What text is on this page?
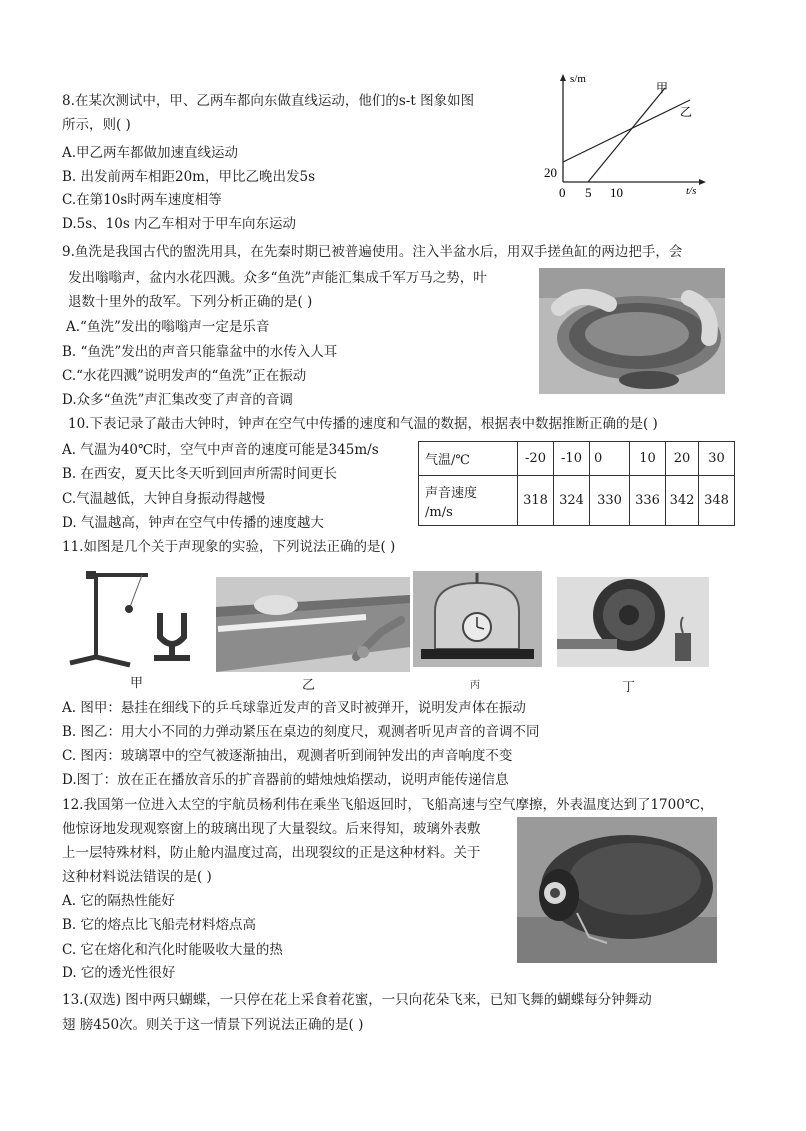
8.在某次测试中，甲、乙两车都向东做直线运动，他们的s-t 图象如图
所示，则( )
A.甲乙两车都做加速直线运动
B. 出发前两车相距20m，甲比乙晚出发5s
C.在第10s时两车速度相等
D.5s、10s 内乙车相对于甲车向东运动
s/m
t/s
甲
乙
20
0 5 10
9.鱼洗是我国古代的盥洗用具，在先秦时期已被普遍使用。注入半盆水后，用双手搓鱼缸的两边把手，会
发出嗡嗡声，盆内水花四溅。众多“鱼洗”声能汇集成千军万马之势，叶
退数十里外的敌军。下列分析正确的是( )
A.“鱼洗”发出的嗡嗡声一定是乐音
B. “鱼洗”发出的声音只能靠盆中的水传入人耳
C.“水花四溅”说明发声的“鱼洗”正在振动
D.众多“鱼洗”声汇集改变了声音的音调
10.下表记录了敲击大钟时，钟声在空气中传播的速度和气温的数据，根据表中数据推断正确的是( )
A. 气温为40℃时，空气中声音的速度可能是345m/s
B. 在西安，夏天比冬天听到回声所需时间更长
C.气温越低，大钟自身振动得越慢
D. 气温越高，钟声在空气中传播的速度越大
气温/℃	-20	-10	0	10	20	30

声音速度
/m/s	318	324	330	336	342	348
11.如图是几个关于声现象的实验，下列说法正确的是( )
甲	乙	丙	丁
A. 图甲：悬挂在细线下的乒乓球靠近发声的音叉时被弹开，说明发声体在振动
B. 图乙：用大小不同的力弹动紧压在桌边的刻度尺，观测者听见声音的音调不同
C. 图丙：玻璃罩中的空气被逐渐抽出，观测者听到闹钟发出的声音响度不变
D.图丁：放在正在播放音乐的扩音器前的蜡烛烛焰摆动，说明声能传递信息
12.我国第一位进入太空的宇航员杨利伟在乘坐飞船返回时，飞船高速与空气摩擦，外表温度达到了1700℃，
他惊讶地发现观察窗上的玻璃出现了大量裂纹。后来得知，玻璃外表敷
上一层特殊材料，防止舱内温度过高，出现裂纹的正是这种材料。关于
这种材料说法错误的是( )
A. 它的隔热性能好
B. 它的熔点比飞船壳材料熔点高
C. 它在熔化和汽化时能吸收大量的热
D. 它的透光性很好
13.(双选) 图中两只蝴蝶，一只停在花上采食着花蜜，一只向花朵飞来，已知飞舞的蝴蝶每分钟舞动
翅 膀450次。则关于这一情景下列说法正确的是( )
